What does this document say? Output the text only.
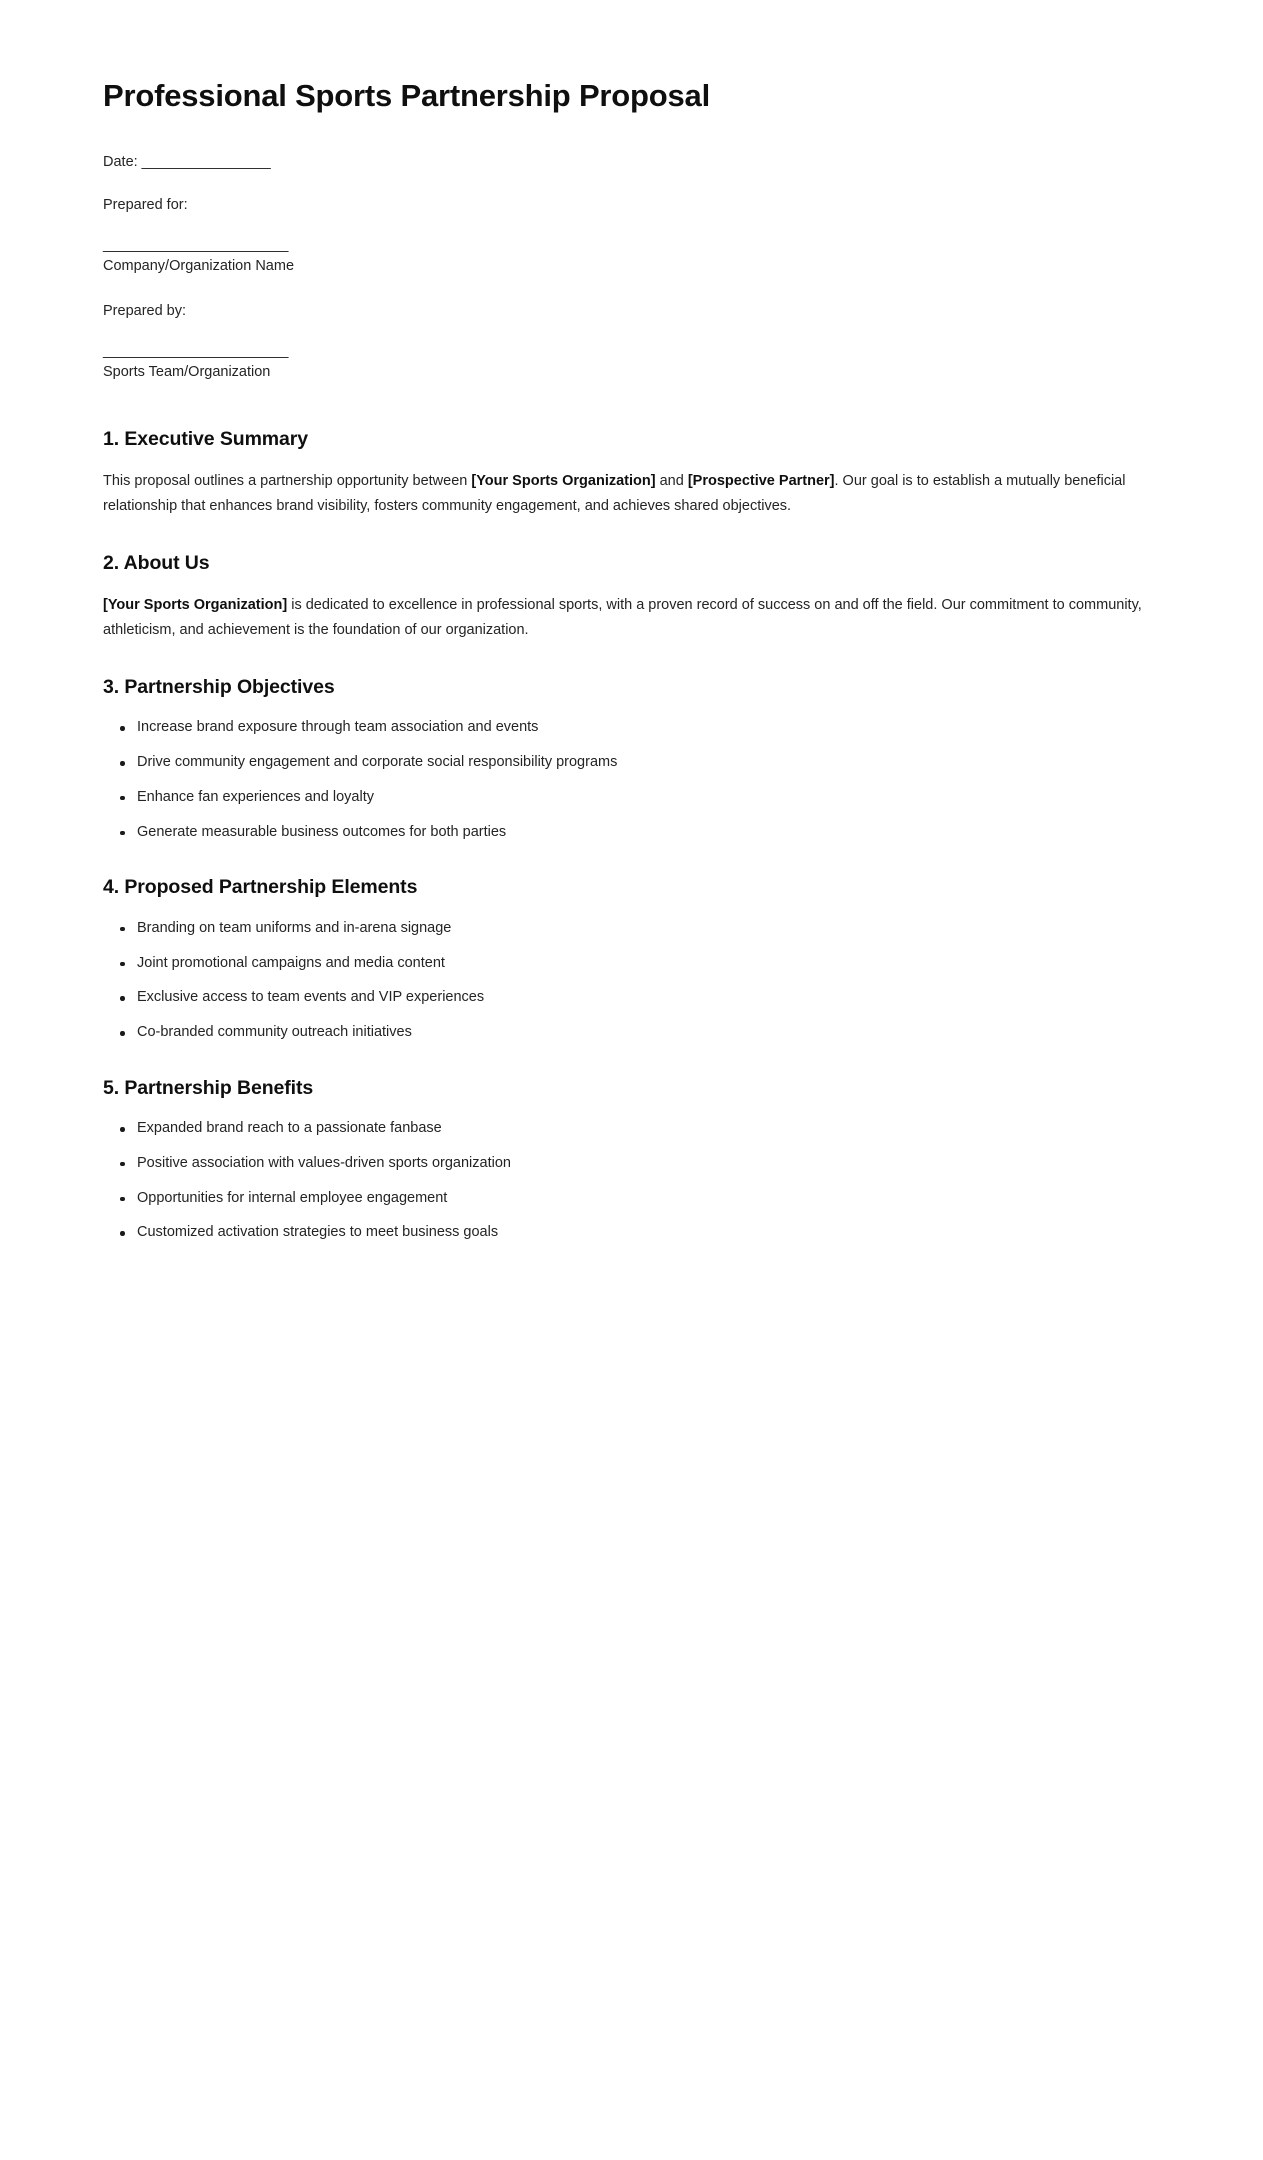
Professional Sports Partnership Proposal

Date: ________________

Prepared for:

_______________________

Company/Organization Name

Prepared by:

_______________________

Sports Team/Organization

1. Executive Summary

This proposal outlines a partnership opportunity between [Your Sports Organization] and [Prospective Partner]. Our goal is to establish a mutually beneficial relationship that enhances brand visibility, fosters community engagement, and achieves shared objectives.

2. About Us

[Your Sports Organization] is dedicated to excellence in professional sports, with a proven record of success on and off the field. Our commitment to community, athleticism, and achievement is the foundation of our organization.

3. Partnership Objectives
Increase brand exposure through team association and events
Drive community engagement and corporate social responsibility programs
Enhance fan experiences and loyalty
Generate measurable business outcomes for both parties
4. Proposed Partnership Elements
Branding on team uniforms and in-arena signage
Joint promotional campaigns and media content
Exclusive access to team events and VIP experiences
Co-branded community outreach initiatives
5. Partnership Benefits
Expanded brand reach to a passionate fanbase
Positive association with values-driven sports organization
Opportunities for internal employee engagement
Customized activation strategies to meet business goals
